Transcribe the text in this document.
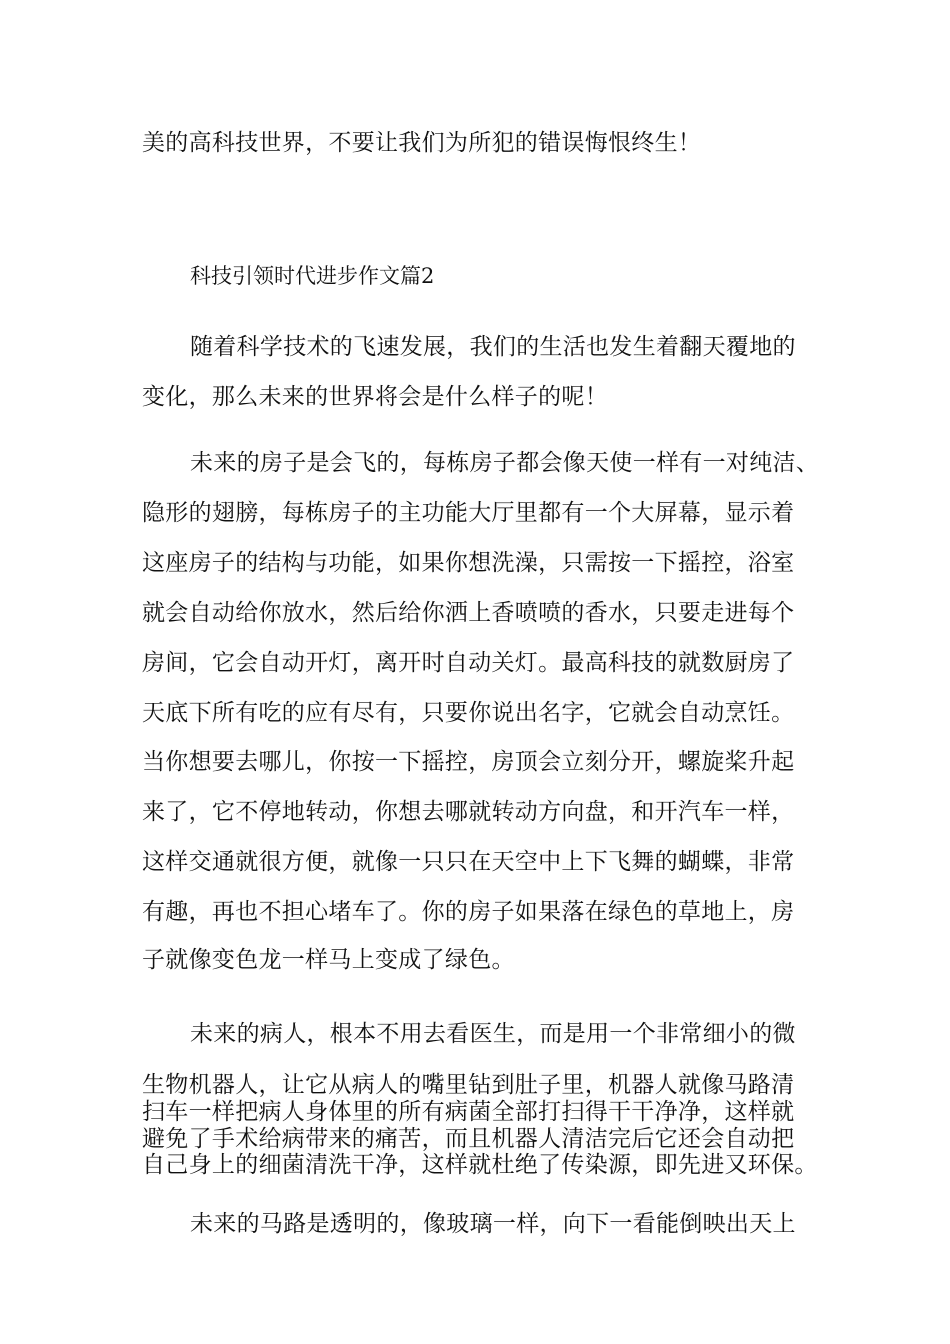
美的高科技世界，不要让我们为所犯的错误悔恨终生！
科技引领时代进步作文篇2
随着科学技术的飞速发展，我们的生活也发生着翻天覆地的
变化，那么未来的世界将会是什么样子的呢！
未来的房子是会飞的，每栋房子都会像天使一样有一对纯洁、
隐形的翅膀，每栋房子的主功能大厅里都有一个大屏幕，显示着
这座房子的结构与功能，如果你想洗澡，只需按一下摇控，浴室
就会自动给你放水，然后给你洒上香喷喷的香水，只要走进每个
房间，它会自动开灯，离开时自动关灯。最高科技的就数厨房了
天底下所有吃的应有尽有，只要你说出名字，它就会自动烹饪。
当你想要去哪儿，你按一下摇控，房顶会立刻分开，螺旋桨升起
来了，它不停地转动，你想去哪就转动方向盘，和开汽车一样，
这样交通就很方便，就像一只只在天空中上下飞舞的蝴蝶，非常
有趣，再也不担心堵车了。你的房子如果落在绿色的草地上，房
子就像变色龙一样马上变成了绿色。
未来的病人，根本不用去看医生，而是用一个非常细小的微
生物机器人，让它从病人的嘴里钻到肚子里，机器人就像马路清
扫车一样把病人身体里的所有病菌全部打扫得干干净净，这样就
避免了手术给病带来的痛苦，而且机器人清洁完后它还会自动把
自己身上的细菌清洗干净，这样就杜绝了传染源，即先进又环保。
未来的马路是透明的，像玻璃一样，向下一看能倒映出天上
